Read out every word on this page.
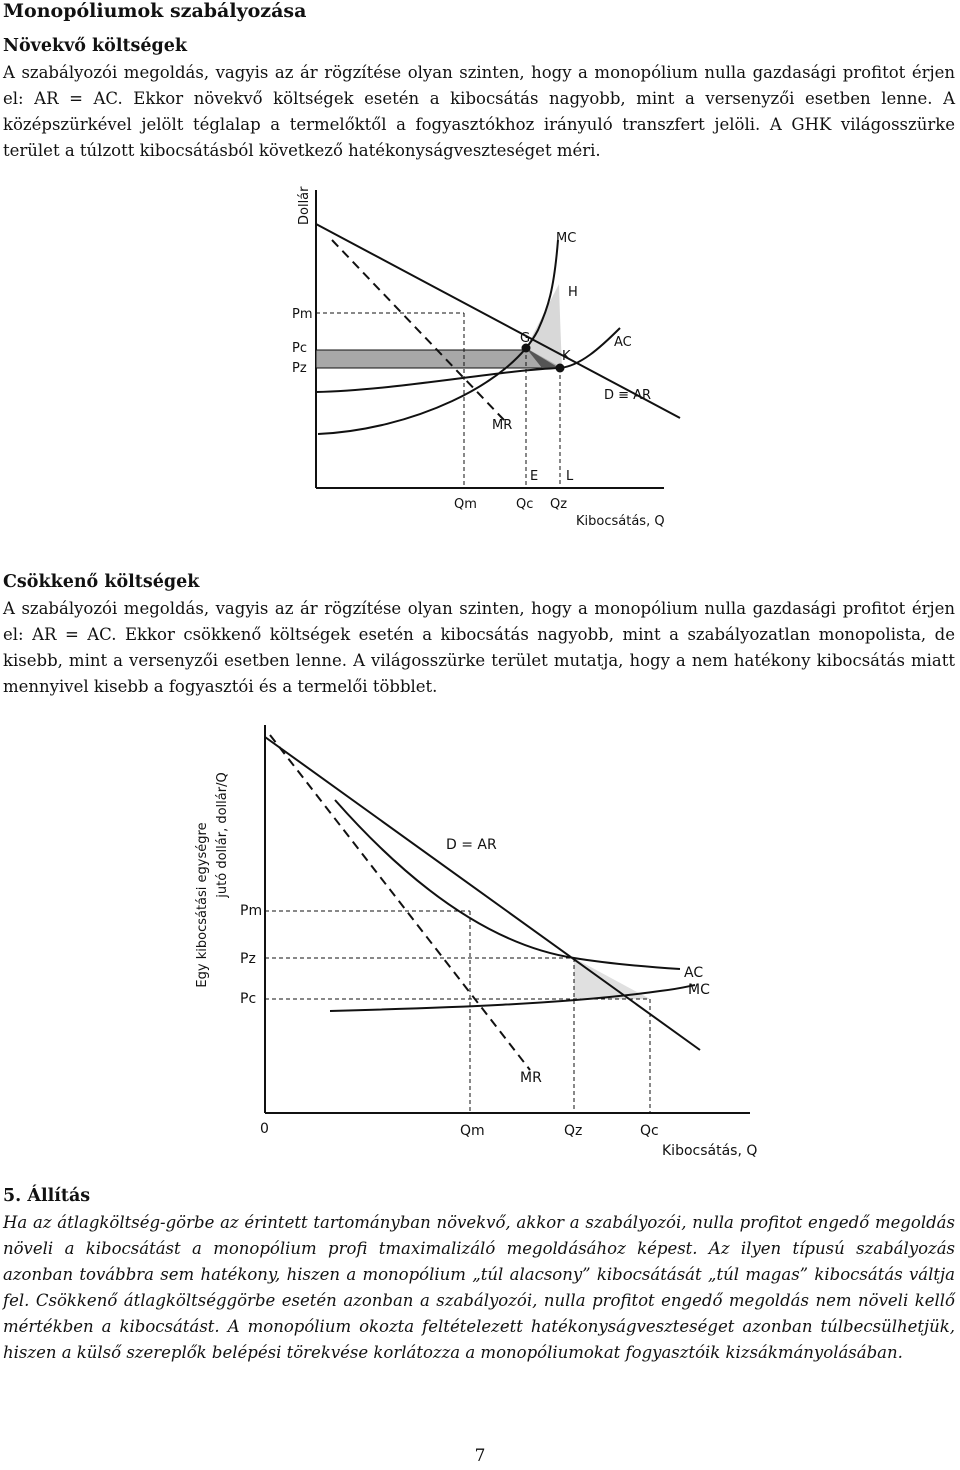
Monopóliumok szabályozása
Növekvő költségek

A szabályozói megoldás, vagyis az ár rögzítése olyan szinten, hogy a monopólium nulla gazdasági profitot érjen el: AR = AC. Ekkor növekvő költségek esetén a kibocsátás nagyobb, mint a versenyzői esetben lenne. A középszürkével jelölt téglalap a termelőktől a fogyasztókhoz irányuló transzfert jelöli. A GHK világosszürke terület a túlzott kibocsátásból következő hatékonyságveszteséget méri.

Dollár
MC
H
G
K
AC
D ≡ AR
MR
E L
Pm
Pc
Pz
Qm	Qc Qz
Kibocsátás, Q
Csökkenő költségek

A szabályozói megoldás, vagyis az ár rögzítése olyan szinten, hogy a monopólium nulla gazdasági profitot érjen el: AR = AC. Ekkor csökkenő költségek esetén a kibocsátás nagyobb, mint a szabályozatlan monopolista, de kisebb, mint a versenyzői esetben lenne. A világosszürke terület mutatja, hogy a nem hatékony kibocsátás miatt mennyivel kisebb a fogyasztói és a termelői többlet.

Egy kibocsátási egységre jutó dollár, dollár/Q	D = AR
AC
MC
MR
Pm
Pz
Pc
0	Qm	Qz	Qc
Kibocsátás, Q
5. Állítás

Ha az átlagköltség-görbe az érintett tartományban növekvő, akkor a szabályozói, nulla profitot engedő megoldás növeli a kibocsátást a monopólium profi tmaximalizáló megoldásához képest. Az ilyen típusú szabályozás azonban továbbra sem hatékony, hiszen a monopólium „túl alacsony” kibocsátását „túl magas” kibocsátás váltja fel. Csökkenő átlagköltséggörbe esetén azonban a szabályozói, nulla profitot engedő megoldás nem növeli kellő mértékben a kibocsátást. A monopólium okozta feltételezett hatékonyságveszteséget azonban túlbecsülhetjük, hiszen a külső szereplők belépési törekvése korlátozza a monopóliumokat fogyasztóik kizsákmányolásában.

7
